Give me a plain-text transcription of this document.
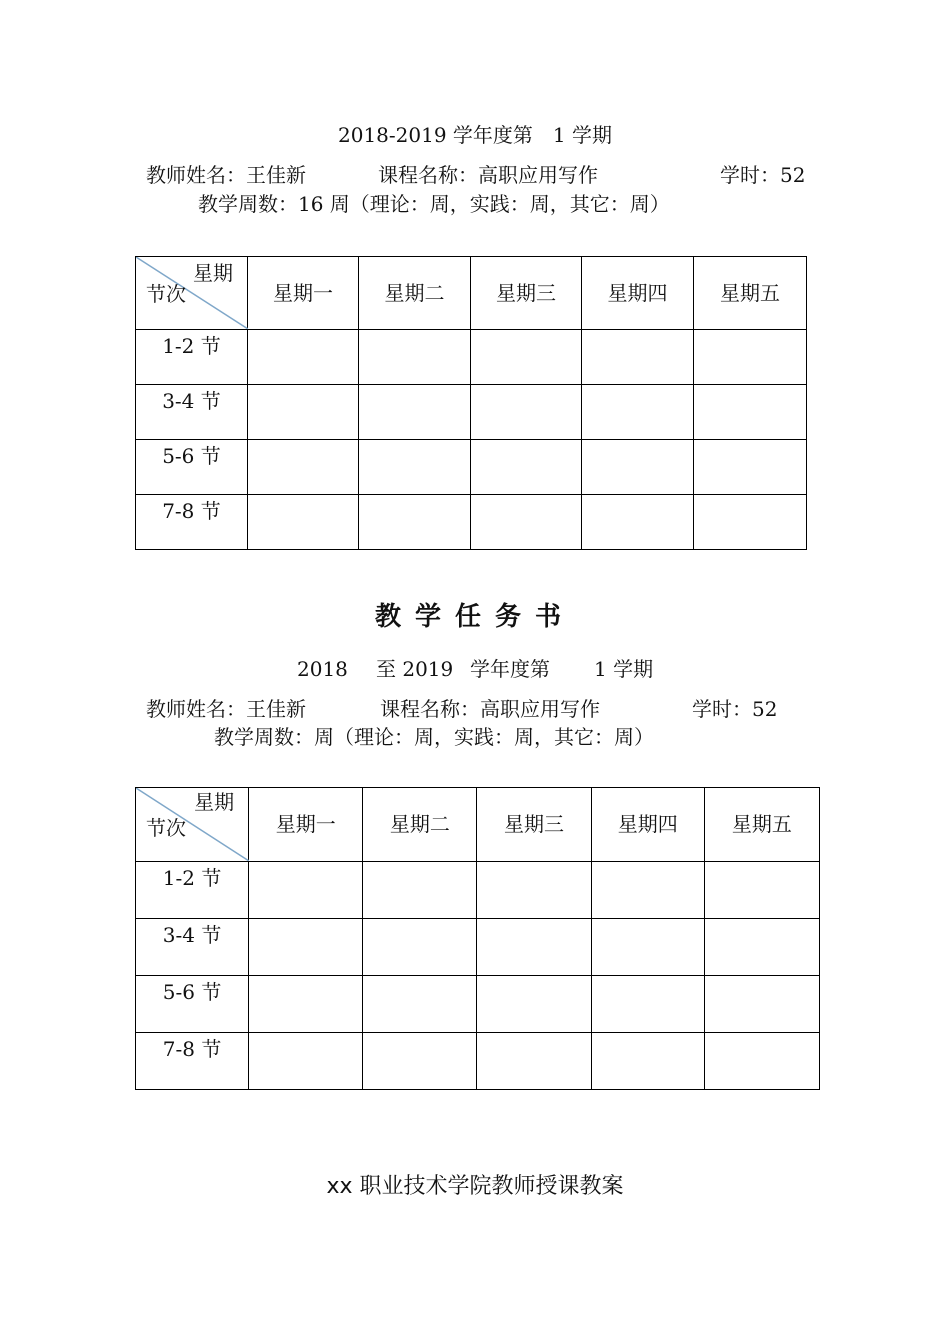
2018-2019 学年度第　1 学期
教师姓名：王佳新	课程名称：高职应用写作	学时：52
教学周数：16 周（理论：周，实践：周，其它：周）
星期
节次	星期一	星期二	星期三	星期四	星期五
1-2 节					
3-4 节					
5-6 节					
7-8 节					
教学任务书
2018 至 2019 学年度第 1 学期
教师姓名：王佳新	课程名称：高职应用写作	学时：52
教学周数：周（理论：周，实践：周，其它：周）
星期
节次	星期一	星期二	星期三	星期四	星期五
1-2 节					
3-4 节					
5-6 节					
7-8 节					
xx 职业技术学院教师授课教案
